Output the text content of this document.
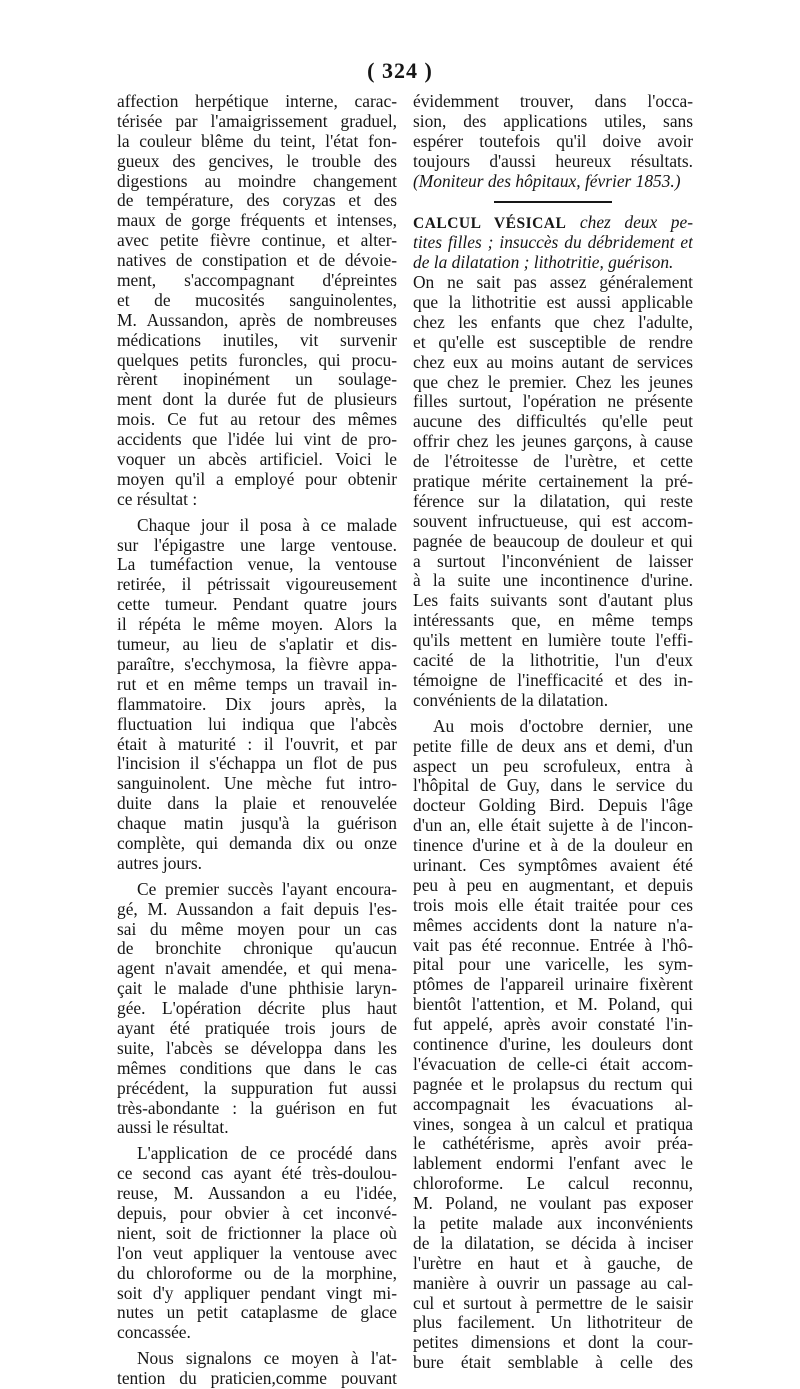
( 324 )
affection herpétique interne, carac-
térisée par l'amaigrissement graduel,
la couleur blême du teint, l'état fon-
gueux des gencives, le trouble des
digestions au moindre changement
de température, des coryzas et des
maux de gorge fréquents et intenses,
avec petite fièvre continue, et alter-
natives de constipation et de dévoie-
ment, s'accompagnant d'épreintes
et de mucosités sanguinolentes,
M. Aussandon, après de nombreuses
médications inutiles, vit survenir
quelques petits furoncles, qui procu-
rèrent inopinément un soulage-
ment dont la durée fut de plusieurs
mois. Ce fut au retour des mêmes
accidents que l'idée lui vint de pro-
voquer un abcès artificiel. Voici le
moyen qu'il a employé pour obtenir
ce résultat :
Chaque jour il posa à ce malade
sur l'épigastre une large ventouse.
La tuméfaction venue, la ventouse
retirée, il pétrissait vigoureusement
cette tumeur. Pendant quatre jours
il répéta le même moyen. Alors la
tumeur, au lieu de s'aplatir et dis-
paraître, s'ecchymosa, la fièvre appa-
rut et en même temps un travail in-
flammatoire. Dix jours après, la
fluctuation lui indiqua que l'abcès
était à maturité : il l'ouvrit, et par
l'incision il s'échappa un flot de pus
sanguinolent. Une mèche fut intro-
duite dans la plaie et renouvelée
chaque matin jusqu'à la guérison
complète, qui demanda dix ou onze
autres jours.
Ce premier succès l'ayant encoura-
gé, M. Aussandon a fait depuis l'es-
sai du même moyen pour un cas
de bronchite chronique qu'aucun
agent n'avait amendée, et qui mena-
çait le malade d'une phthisie laryn-
gée. L'opération décrite plus haut
ayant été pratiquée trois jours de
suite, l'abcès se développa dans les
mêmes conditions que dans le cas
précédent, la suppuration fut aussi
très-abondante : la guérison en fut
aussi le résultat.
L'application de ce procédé dans
ce second cas ayant été très-doulou-
reuse, M. Aussandon a eu l'idée,
depuis, pour obvier à cet inconvé-
nient, soit de frictionner la place où
l'on veut appliquer la ventouse avec
du chloroforme ou de la morphine,
soit d'y appliquer pendant vingt mi-
nutes un petit cataplasme de glace
concassée.
Nous signalons ce moyen à l'at-
tention du praticien,comme pouvant
évidemment trouver, dans l'occa-
sion, des applications utiles, sans
espérer toutefois qu'il doive avoir
toujours d'aussi heureux résultats.
(Moniteur des hôpitaux, février 1853.)
CALCUL VÉSICAL chez deux pe-
tites filles ; insuccès du débridement et
de la dilatation ; lithotritie, guérison.
On ne sait pas assez généralement
que la lithotritie est aussi applicable
chez les enfants que chez l'adulte,
et qu'elle est susceptible de rendre
chez eux au moins autant de services
que chez le premier. Chez les jeunes
filles surtout, l'opération ne présente
aucune des difficultés qu'elle peut
offrir chez les jeunes garçons, à cause
de l'étroitesse de l'urètre, et cette
pratique mérite certainement la pré-
férence sur la dilatation, qui reste
souvent infructueuse, qui est accom-
pagnée de beaucoup de douleur et qui
a surtout l'inconvénient de laisser
à la suite une incontinence d'urine.
Les faits suivants sont d'autant plus
intéressants que, en même temps
qu'ils mettent en lumière toute l'effi-
cacité de la lithotritie, l'un d'eux
témoigne de l'inefficacité et des in-
convénients de la dilatation.
Au mois d'octobre dernier, une
petite fille de deux ans et demi, d'un
aspect un peu scrofuleux, entra à
l'hôpital de Guy, dans le service du
docteur Golding Bird. Depuis l'âge
d'un an, elle était sujette à de l'incon-
tinence d'urine et à de la douleur en
urinant. Ces symptômes avaient été
peu à peu en augmentant, et depuis
trois mois elle était traitée pour ces
mêmes accidents dont la nature n'a-
vait pas été reconnue. Entrée à l'hô-
pital pour une varicelle, les sym-
ptômes de l'appareil urinaire fixèrent
bientôt l'attention, et M. Poland, qui
fut appelé, après avoir constaté l'in-
continence d'urine, les douleurs dont
l'évacuation de celle-ci était accom-
pagnée et le prolapsus du rectum qui
accompagnait les évacuations al-
vines, songea à un calcul et pratiqua
le cathétérisme, après avoir préa-
lablement endormi l'enfant avec le
chloroforme. Le calcul reconnu,
M. Poland, ne voulant pas exposer
la petite malade aux inconvénients
de la dilatation, se décida à inciser
l'urètre en haut et à gauche, de
manière à ouvrir un passage au cal-
cul et surtout à permettre de le saisir
plus facilement. Un lithotriteur de
petites dimensions et dont la cour-
bure était semblable à celle des
